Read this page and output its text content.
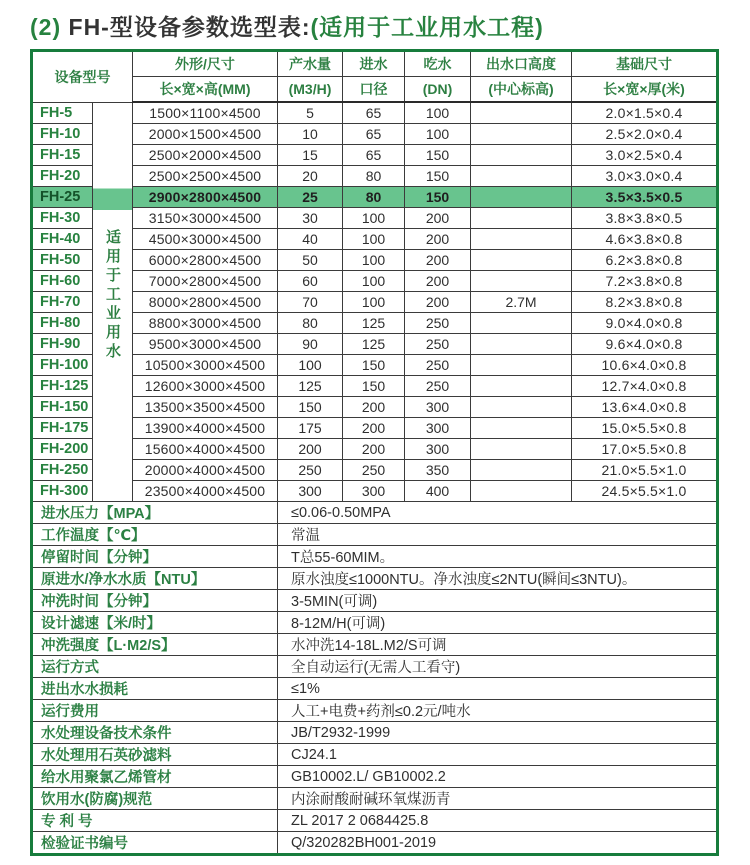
(2) FH-型设备参数选型表:(适用于工业用水工程)
设备型号		外形/尺寸	产水量	进水	吃水	出水口高度	基础尺寸
		长×宽×高(MM)	(M3/H)	口径	(DN)	(中心标高)	长×宽×厚(米)
FH-5	适用于工业用水	1500×1100×4500	5	65	100		2.0×1.5×0.4
FH-10		2000×1500×4500	10	65	100		2.5×2.0×0.4
FH-15		2500×2000×4500	15	65	150		3.0×2.5×0.4
FH-20		2500×2500×4500	20	80	150		3.0×3.0×0.4
FH-25		2900×2800×4500	25	80	150		3.5×3.5×0.5
FH-30		3150×3000×4500	30	100	200		3.8×3.8×0.5
FH-40		4500×3000×4500	40	100	200		4.6×3.8×0.8
FH-50		6000×2800×4500	50	100	200		6.2×3.8×0.8
FH-60		7000×2800×4500	60	100	200		7.2×3.8×0.8
FH-70		8000×2800×4500	70	100	200	2.7M	8.2×3.8×0.8
FH-80		8800×3000×4500	80	125	250		9.0×4.0×0.8
FH-90		9500×3000×4500	90	125	250		9.6×4.0×0.8
FH-100		10500×3000×4500	100	150	250		10.6×4.0×0.8
FH-125		12600×3000×4500	125	150	250		12.7×4.0×0.8
FH-150		13500×3500×4500	150	200	300		13.6×4.0×0.8
FH-175		13900×4000×4500	175	200	300		15.0×5.5×0.8
FH-200		15600×4000×4500	200	200	300		17.0×5.5×0.8
FH-250		20000×4000×4500	250	250	350		21.0×5.5×1.0
FH-300		23500×4000×4500	300	300	400		24.5×5.5×1.0
进水压力【MPA】			≤0.06-0.50MPA				
工作温度【℃】			常温				
停留时间【分钟】			T总55-60MIM。				
原进水/净水水质【NTU】			原水浊度≤1000NTU。净水浊度≤2NTU(瞬间≤3NTU)。				
冲洗时间【分钟】			3-5MIN(可调)				
设计滤速【米/时】			8-12M/H(可调)				
冲洗强度【L·M2/S】			水冲洗14-18L.M2/S可调				
运行方式			全自动运行(无需人工看守)				
进出水水损耗			≤1%				
运行费用			人工+电费+药剂≤0.2元/吨水				
水处理设备技术条件			JB/T2932-1999				
水处理用石英砂滤料			CJ24.1				
给水用聚氯乙烯管材			GB10002.L/ GB10002.2				
饮用水(防腐)规范			内涂耐酸耐碱环氧煤沥青				
专 利 号			ZL 2017 2 0684425.8				
检验证书编号			Q/320282BH001-2019				
